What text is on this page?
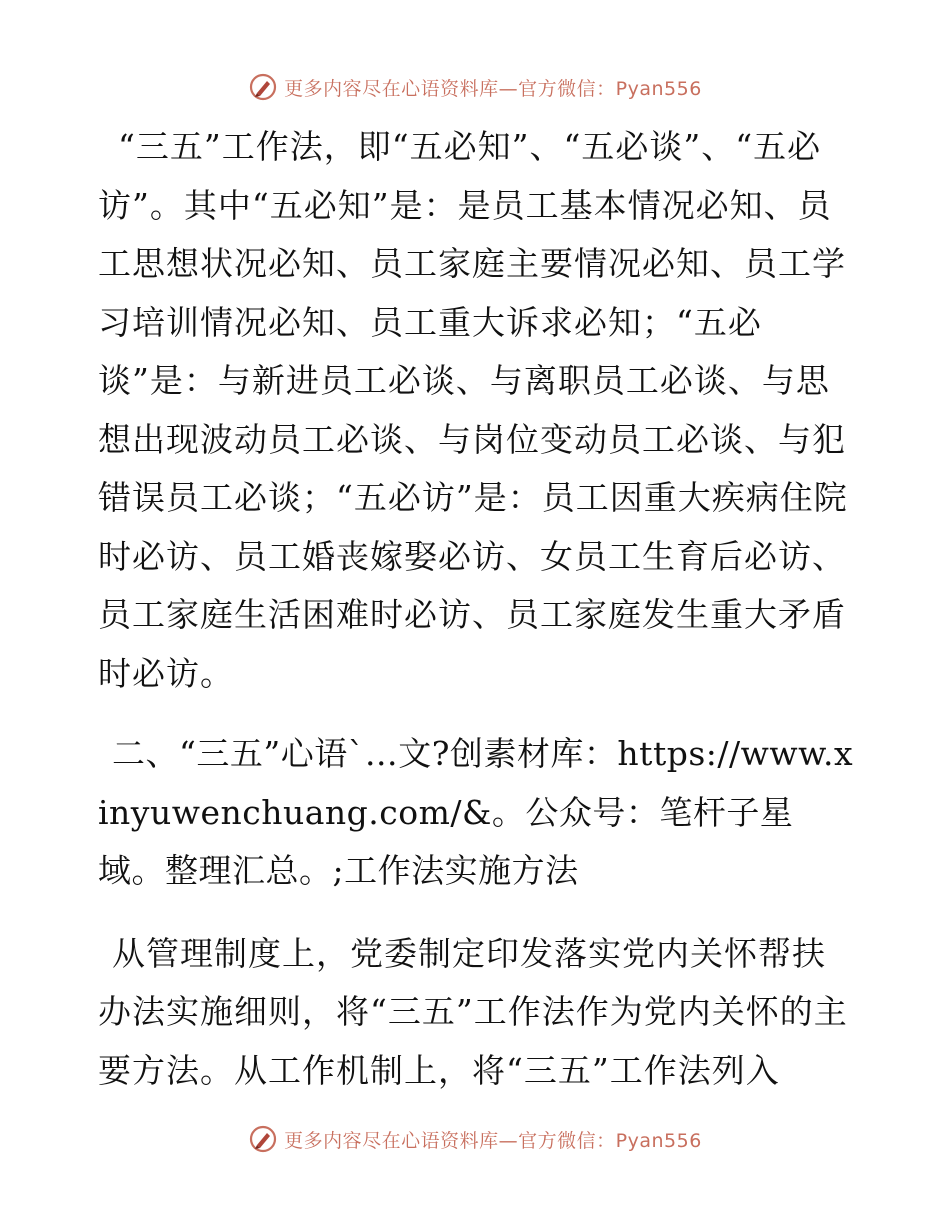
更多内容尽在心语资料库—官方微信：Pyan556

“三五”工作法，即“五必知”、“五必谈”、“五必访”。其中“五必知”是：是员工基本情况必知、员工思想状况必知、员工家庭主要情况必知、员工学习培训情况必知、员工重大诉求必知；“五必谈”是：与新进员工必谈、与离职员工必谈、与思想出现波动员工必谈、与岗位变动员工必谈、与犯错误员工必谈；“五必访”是：员工因重大疾病住院时必访、员工婚丧嫁娶必访、女员工生育后必访、员工家庭生活困难时必访、员工家庭发生重大矛盾时必访。

二、“三五”心语`…文?创素材库：https://www.xinyuwenchuang.com/&。公众号：笔杆子星域。整理汇总。;工作法实施方法

从管理制度上，党委制定印发落实党内关怀帮扶办法实施细则，将“三五”工作法作为党内关怀的主要方法。从工作机制上，将“三五”工作法列入

更多内容尽在心语资料库—官方微信：Pyan556
